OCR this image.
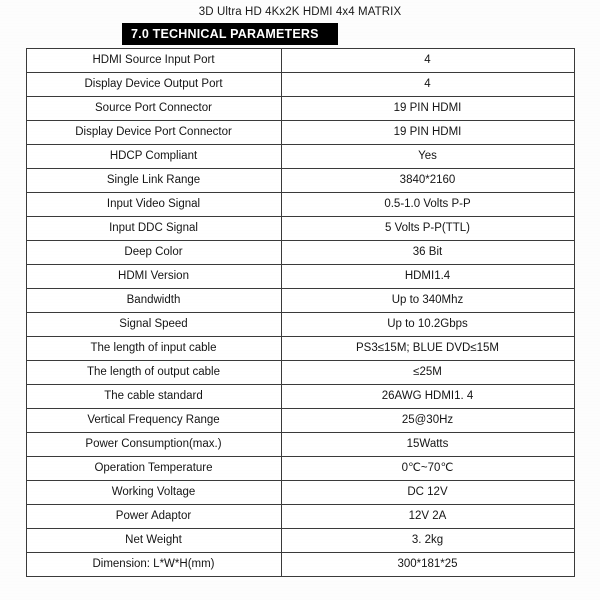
3D Ultra HD 4Kx2K HDMI 4x4 MATRIX
7.0 TECHNICAL PARAMETERS
HDMI Source Input Port	4
Display Device Output Port	4
Source Port Connector	19 PIN HDMI
Display Device Port Connector	19 PIN HDMI
HDCP Compliant	Yes
Single Link Range	3840*2160
Input Video Signal	0.5-1.0 Volts P-P
Input DDC Signal	5 Volts P-P(TTL)
Deep Color	36 Bit
HDMI Version	HDMI1.4
Bandwidth	Up to 340Mhz
Signal Speed	Up to 10.2Gbps
The length of input cable	PS3≤15M; BLUE DVD≤15M
The length of output cable	≤25M
The cable standard	26AWG HDMI1. 4
Vertical Frequency Range	25@30Hz
Power Consumption(max.)	15Watts
Operation Temperature	0℃~70℃
Working Voltage	DC 12V
Power Adaptor	12V 2A
Net Weight	3. 2kg
Dimension: L*W*H(mm)	300*181*25
